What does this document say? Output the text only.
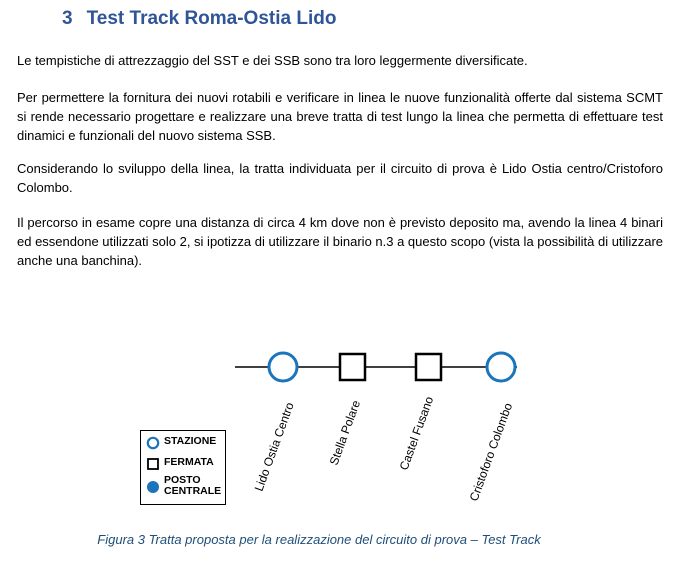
3 Test Track Roma-Ostia Lido
Le tempistiche di attrezzaggio del SST e dei SSB sono tra loro leggermente diversificate.
Per permettere la fornitura dei nuovi rotabili e verificare in linea le nuove funzionalità offerte dal sistema SCMT si rende necessario progettare e realizzare una breve tratta di test lungo la linea che permetta di effettuare test dinamici e funzionali del nuovo sistema SSB.
Considerando lo sviluppo della linea, la tratta individuata per il circuito di prova è Lido Ostia centro/Cristoforo Colombo.
Il percorso in esame copre una distanza di circa 4 km dove non è previsto deposito ma, avendo la linea 4 binari ed essendone utilizzati solo 2, si ipotizza di utilizzare il binario n.3 a questo scopo (vista la possibilità di utilizzare anche una banchina).
Lido Ostia Centro Stella Polare	Castel Fusano	Cristoforo Colombo
STAZIONE
FERMATA
POSTO CENTRALE
Figura 3 Tratta proposta per la realizzazione del circuito di prova – Test Track
